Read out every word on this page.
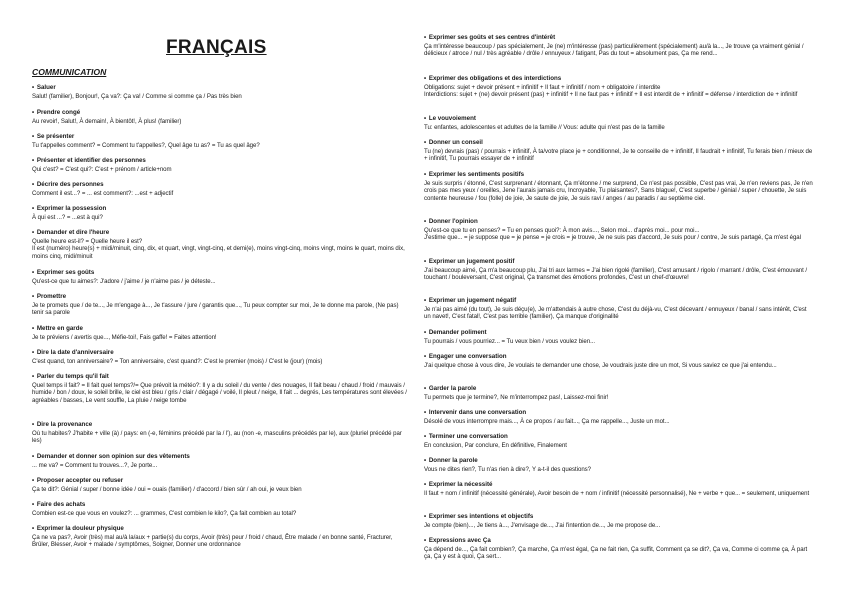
FRANÇAIS
COMMUNICATION
• Saluer

Salut! (familier), Bonjour!, Ça va?: Ça va! / Comme si comme ça / Pas très bien

• Prendre congé

Au revoir!, Salut!, À demain!, À bientôt!, À plus! (familier)

• Se présenter

Tu t'appelles comment? = Comment tu t'appelles?, Quel âge tu as? = Tu as quel âge?

• Présenter et identifier des personnes

Qui c'est? = C'est qui?: C'est + prénom / article+nom

• Décrire des personnes

Comment il est...? = ... est comment?: ...est + adjectif

• Exprimer la possession

À qui est ...? = ...est à qui?

• Demander et dire l'heure

Quelle heure est-il? = Quelle heure il est?
Il est (numéro) heure(s) + midi/minuit, cinq, dix, et quart, vingt, vingt-cinq, et demi(e), moins vingt-cinq, moins vingt, moins le quart, moins dix, moins cinq, midi/minuit

• Exprimer ses goûts

Qu'est-ce que tu aimes?: J'adore / j'aime / je n'aime pas / je déteste...

• Promettre

Je te promets que / de te..., Je m'engage à..., Je t'assure / jure / garantis que..., Tu peux compter sur moi, Je te donne ma parole, (Ne pas) tenir sa parole

• Mettre en garde

Je te préviens / avertis que..., Méfie-toi!, Fais gaffe! = Faites attention!

• Dire la date d'anniversaire

C'est quand, ton anniversaire? = Ton anniversaire, c'est quand?: C'est le premier (mois) / C'est le (jour) (mois)

• Parler du temps qu'il fait

Quel temps il fait? = Il fait quel temps?/= Que prévoit la météo?: Il y a du soleil / du vente / des nouages, Il fait beau / chaud / froid / mauvais / humide / bon / doux, le soleil brille, le ciel est bleu / gris / clair / dégagé / voilé, Il pleut / neige, Il fait ... degrés, Les températures sont élevées / agréables / basses, Le vent souffle, La pluie / neige tombe

• Dire la provenance

Où tu habites? J'habite + ville (à) / pays: en (-e, féminins précédé par la / l'), au (non -e, masculins précédés par le), aux (pluriel précédé par les)

• Demander et donner son opinion sur des vêtements

... me va? = Comment tu trouves...?, Je porte...

• Proposer accepter ou refuser

Ça te dit?: Génial / super / bonne idée / oui = ouais (familier) / d'accord / bien sûr / ah oui, je veux bien

• Faire des achats

Combien est-ce que vous en voulez?: ... grammes, C'est combien le kilo?, Ça fait combien au total?

• Exprimer la douleur physique

Ça ne va pas?, Avoir (très) mal au/à la/aux + partie(s) du corps, Avoir (très) peur / froid / chaud, Être malade / en bonne santé, Fracturer, Brûler, Blesser, Avoir + malade / symptômes, Soigner, Donner une ordonnance

• Exprimer ses goûts et ses centres d'intérêt

Ça m'intéresse beaucoup / pas spécialement, Je (ne) m'intéresse (pas) particulièrement (spécialement) au/à la..., Je trouve ça vraiment génial / délicieux / atroce / nul / très agréable / drôle / ennuyeux / fatigant, Pas du tout = absolument pas, Ça me rend...

• Exprimer des obligations et des interdictions

Obligations: sujet + devoir présent + infinitif + Il faut + infinitif / nom + obligatoire / interdite
Interdictions: sujet + (ne) devoir présent (pas) + infinitif + Il ne faut pas + infinitif + Il est interdit de + infinitif = défense / interdiction de + infinitif

• Le vouvoiement

Tu: enfantes, adolescentes et adultes de la famille // Vous: adulte qui n'est pas de la famille

• Donner un conseil

Tu (ne) devrais (pas) / pourrais + infinitif, À ta/votre place je + conditionnel, Je te conseille de + infinitif, Il faudrait + infinitif, Tu ferais bien / mieux de + infinitif, Tu pourrais essayer de + infinitif

• Exprimer les sentiments positifs

Je suis surpris / étonné, C'est surprenant / étonnant, Ça m'étonne / me surprend, Ce n'est pas possible, C'est pas vrai, Je n'en reviens pas, Je n'en crois pas mes yeux / oreilles, Jene l'aurais jamais cru, Incroyable, Tu plaisantes?, Sans blague!, C'est superbe / génial / super / chouette, Je suis contente heureuse / fou (folle) de joie, Je saute de joie, Je suis ravi / anges / au paradis / au septième ciel.

• Donner l'opinion

Qu'est-ce que tu en penses? = Tu en penses quoi?: À mon avis..., Selon moi... d'après moi... pour moi...
J'estime que... = je suppose que = je pense = je crois = je trouve, Je ne suis pas d'accord, Je suis pour / contre, Je suis partagé, Ça m'est égal

• Exprimer un jugement positif

J'ai beaucoup aimé, Ça m'a beaucoup plu, J'ai tri aux larmes = J'ai bien rigolé (familier), C'est amusant / rigolo / marrant / drôle, C'est émouvant / touchant / bouleversant, C'est original, Ça transmet des émotions profondes, C'est un chef-d'œuvre!

• Exprimer un jugement négatif

Je n'ai pas aimé (du tout), Je suis déçu(e), Je m'attendais à autre chose, C'est du déjà-vu, C'est décevant / ennuyeux / banal / sans intérêt, C'est un navet!, C'est fatal!, C'est pas terrible (familier), Ça manque d'originalité

• Demander poliment

Tu pourrais / vous pourriez... = Tu veux bien / vous voulez bien...

• Engager une conversation

J'ai quelque chose à vous dire, Je voulais te demander une chose, Je voudrais juste dire un mot, Si vous saviez ce que j'ai entendu...

• Garder la parole

Tu permets que je termine?, Ne m'interrompez pas!, Laissez-moi finir!

• Intervenir dans une conversation

Désolé de vous interrompre mais..., À ce propos / au fait..., Ça me rappelle..., Juste un mot...

• Terminer une conversation

En conclusion, Par conclure, En définitive, Finalement

• Donner la parole

Vous ne dites rien?, Tu n'as rien à dire?, Y a-t-il des questions?

• Exprimer la nécessité

Il faut + nom / infinitif (nécessité générale), Avoir besoin de + nom / infinitif (nécessité personnalisé), Ne + verbe + que... = seulement, uniquement

• Exprimer ses intentions et objectifs

Je compte (bien)..., Je tiens à..., J'envisage de..., J'ai l'intention de..., Je me propose de...

• Expressions avec Ça

Ça dépend de..., Ça fait combien?, Ça marche, Ça m'est égal, Ça ne fait rien, Ça suffit, Comment ça se dit?, Ça va, Comme ci comme ça, À part ça, Ça y est à quoi, Ça sert...
